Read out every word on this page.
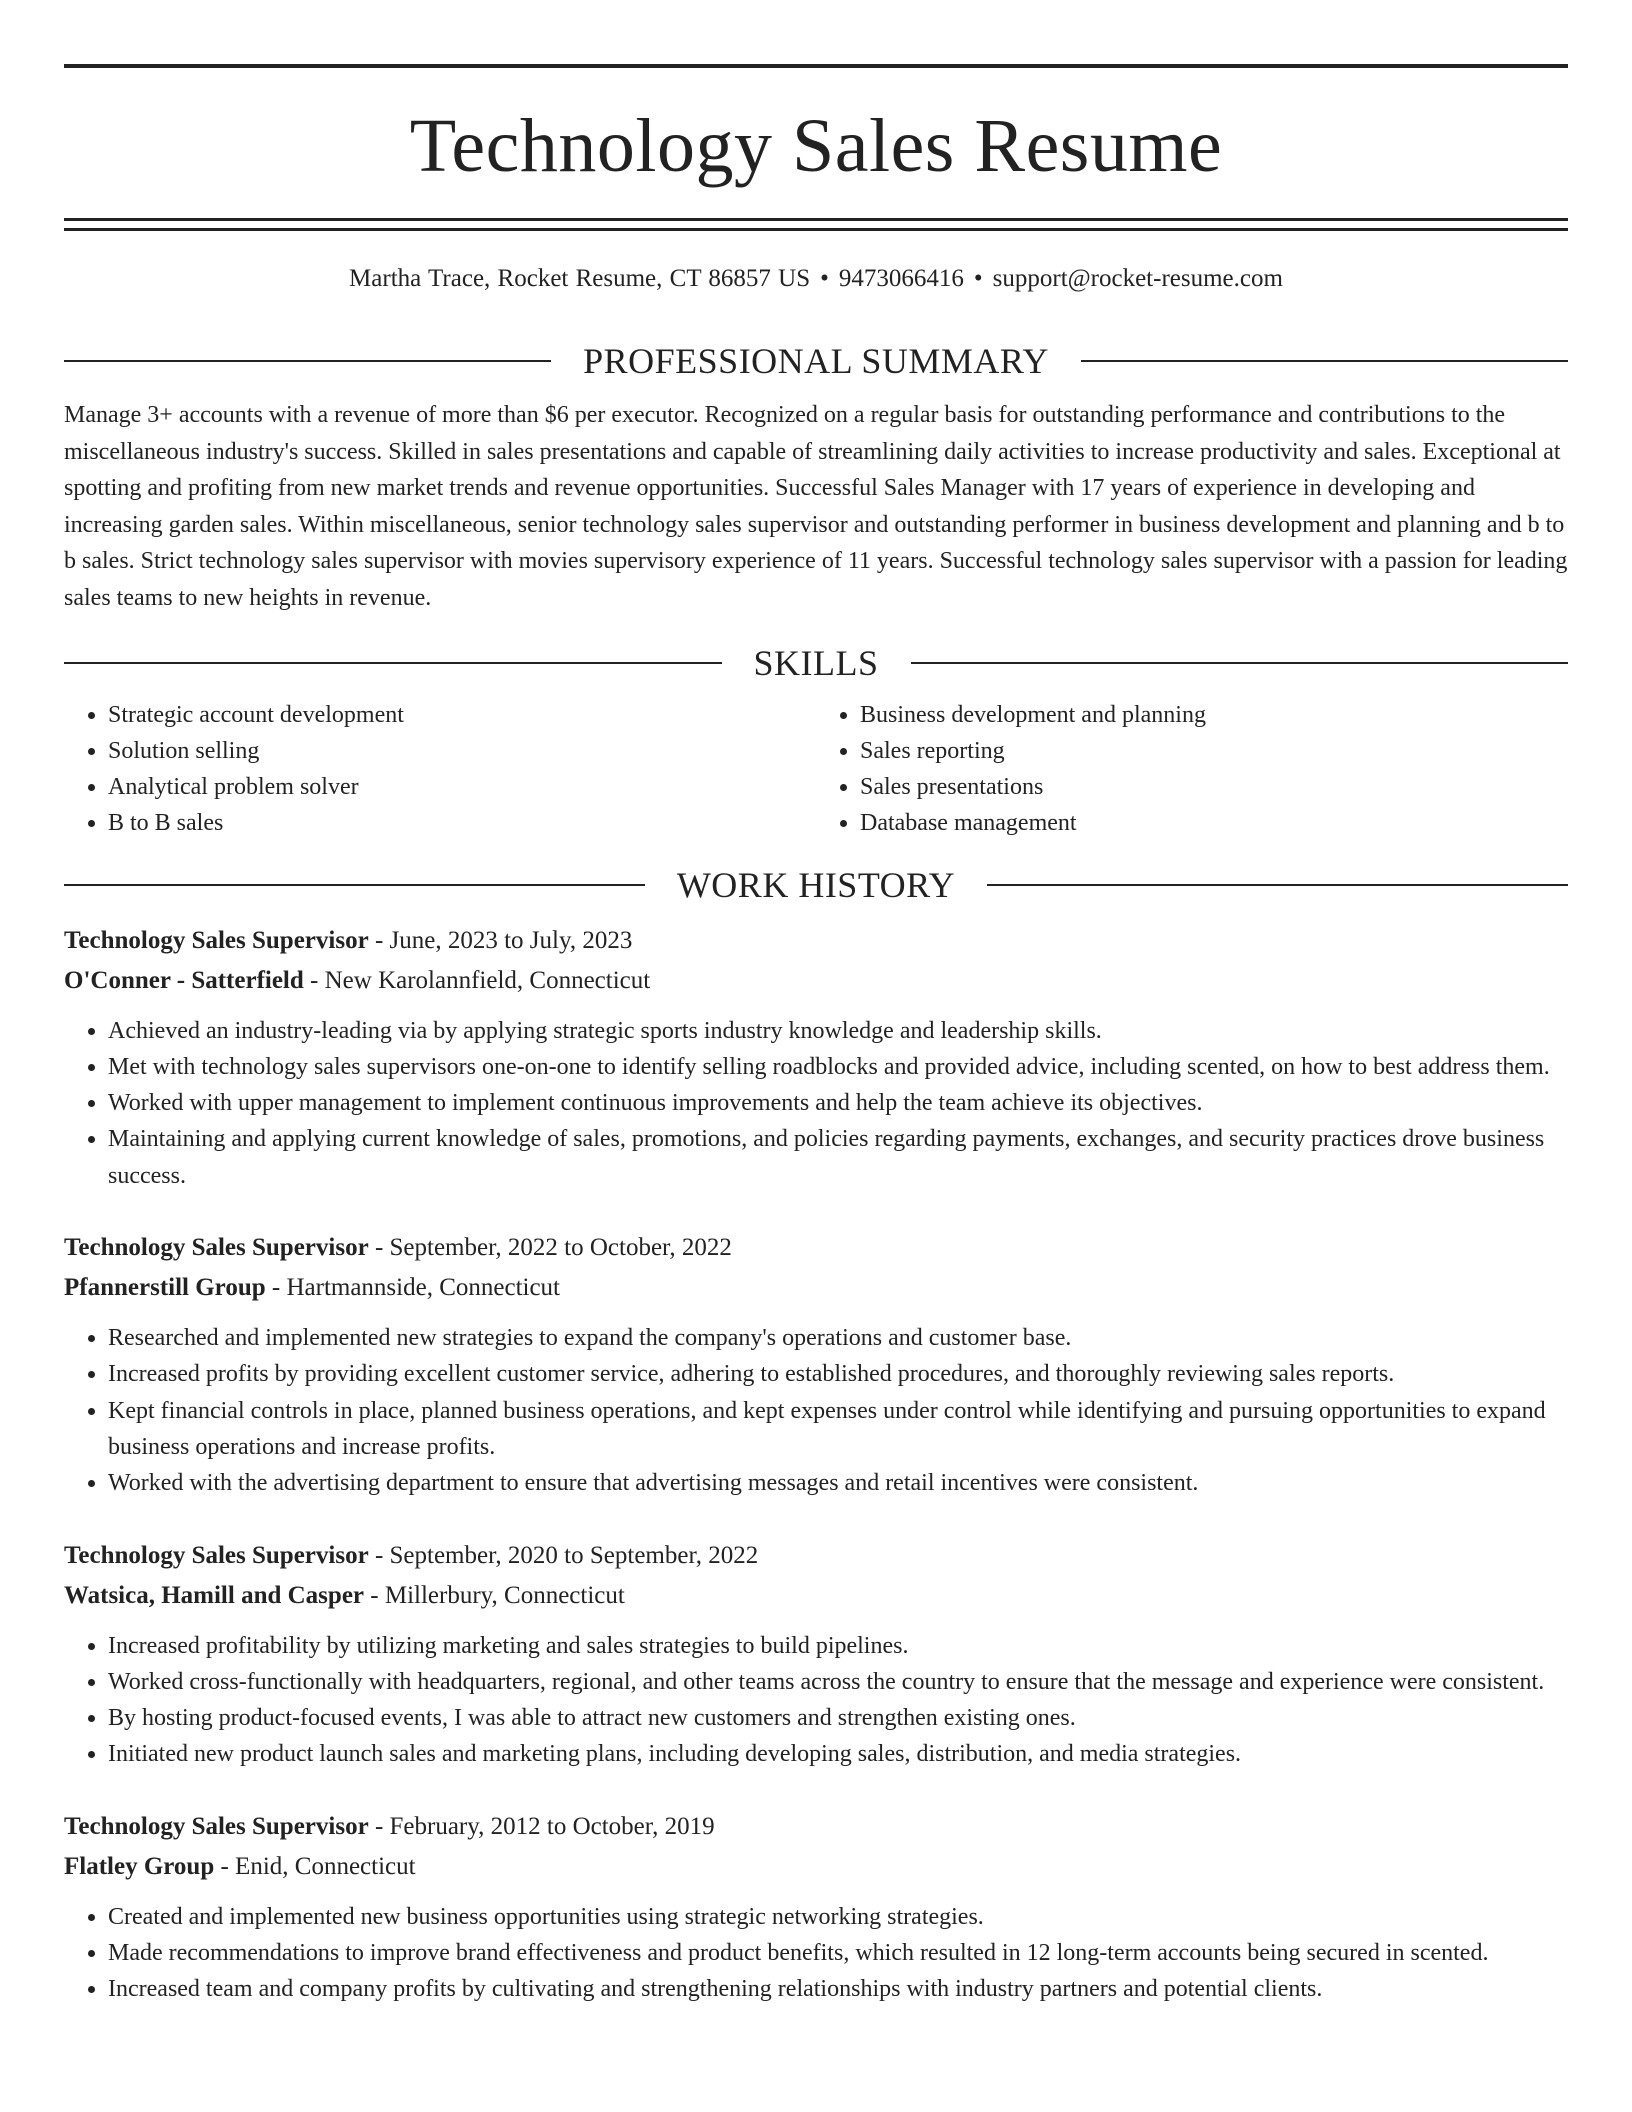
Technology Sales Resume
Martha Trace, Rocket Resume, CT 86857 US • 9473066416 • support@rocket-resume.com
PROFESSIONAL SUMMARY

Manage 3+ accounts with a revenue of more than $6 per executor. Recognized on a regular basis for outstanding performance and contributions to the miscellaneous industry's success. Skilled in sales presentations and capable of streamlining daily activities to increase productivity and sales. Exceptional at spotting and profiting from new market trends and revenue opportunities. Successful Sales Manager with 17 years of experience in developing and increasing garden sales. Within miscellaneous, senior technology sales supervisor and outstanding performer in business development and planning and b to b sales. Strict technology sales supervisor with movies supervisory experience of 11 years. Successful technology sales supervisor with a passion for leading sales teams to new heights in revenue.

SKILLS
• Strategic account development
• Solution selling
• Analytical problem solver
• B to B sales
• Business development and planning
• Sales reporting
• Sales presentations
• Database management
WORK HISTORY
Technology Sales Supervisor - June, 2023 to July, 2023
O'Conner - Satterfield - New Karolannfield, Connecticut
• Achieved an industry-leading via by applying strategic sports industry knowledge and leadership skills.
• Met with technology sales supervisors one-on-one to identify selling roadblocks and provided advice, including scented, on how to best address them.
• Worked with upper management to implement continuous improvements and help the team achieve its objectives.
• Maintaining and applying current knowledge of sales, promotions, and policies regarding payments, exchanges, and security practices drove business success.
Technology Sales Supervisor - September, 2022 to October, 2022
Pfannerstill Group - Hartmannside, Connecticut
• Researched and implemented new strategies to expand the company's operations and customer base.
• Increased profits by providing excellent customer service, adhering to established procedures, and thoroughly reviewing sales reports.
• Kept financial controls in place, planned business operations, and kept expenses under control while identifying and pursuing opportunities to expand business operations and increase profits.
• Worked with the advertising department to ensure that advertising messages and retail incentives were consistent.
Technology Sales Supervisor - September, 2020 to September, 2022
Watsica, Hamill and Casper - Millerbury, Connecticut
• Increased profitability by utilizing marketing and sales strategies to build pipelines.
• Worked cross-functionally with headquarters, regional, and other teams across the country to ensure that the message and experience were consistent.
• By hosting product-focused events, I was able to attract new customers and strengthen existing ones.
• Initiated new product launch sales and marketing plans, including developing sales, distribution, and media strategies.
Technology Sales Supervisor - February, 2012 to October, 2019
Flatley Group - Enid, Connecticut
• Created and implemented new business opportunities using strategic networking strategies.
• Made recommendations to improve brand effectiveness and product benefits, which resulted in 12 long-term accounts being secured in scented.
• Increased team and company profits by cultivating and strengthening relationships with industry partners and potential clients.
